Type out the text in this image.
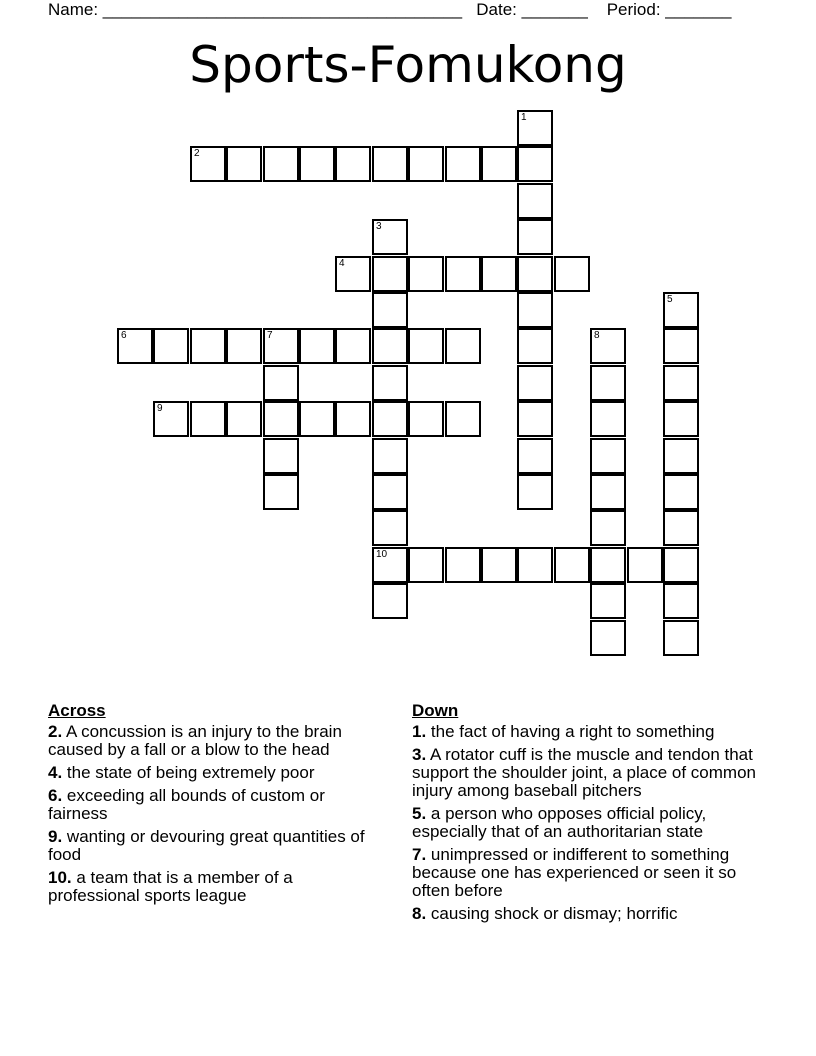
Name: ______________________________________ Date: _______ Period: _______
Sports-Fomukong
1
2
3
10
4
5
6	7	8
9
Across
2. A concussion is an injury to the brain caused by a fall or a blow to the head
4. the state of being extremely poor
6. exceeding all bounds of custom or fairness
9. wanting or devouring great quantities of food
10. a team that is a member of a professional sports league
Down
1. the fact of having a right to something
3. A rotator cuff is the muscle and tendon that support the shoulder joint, a place of common injury among baseball pitchers
5. a person who opposes official policy, especially that of an authoritarian state
7. unimpressed or indifferent to something because one has experienced or seen it so often before
8. causing shock or dismay; horrific
